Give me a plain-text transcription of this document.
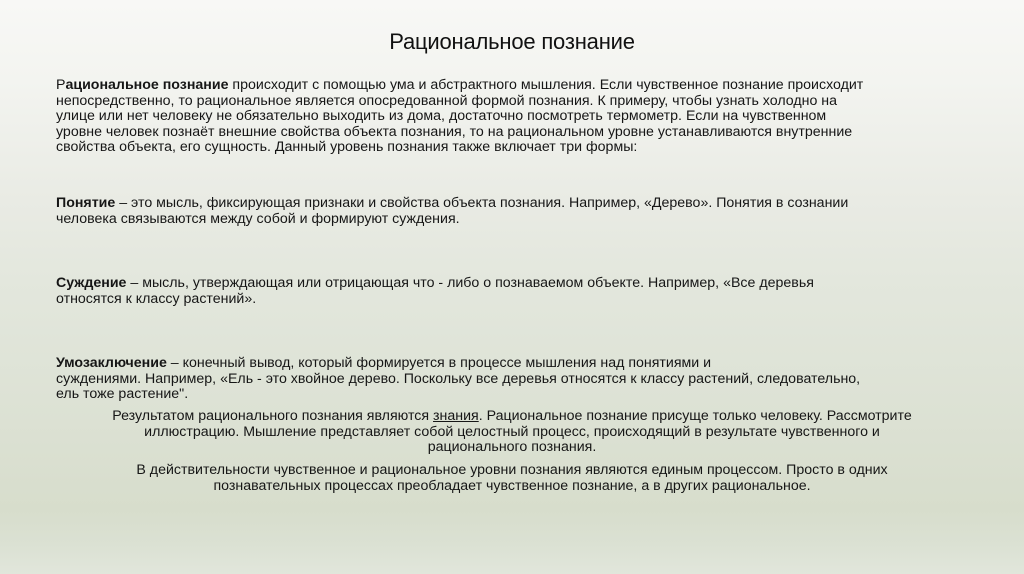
Рациональное познание
Рациональное познание происходит с помощью ума и абстрактного мышления. Если чувственное познание происходит
непосредственно, то рациональное является опосредованной формой познания. К примеру, чтобы узнать холодно на
улице или нет человеку не обязательно выходить из дома, достаточно посмотреть термометр. Если на чувственном
уровне человек познаёт внешние свойства объекта познания, то на рациональном уровне устанавливаются внутренние
свойства объекта, его сущность. Данный уровень познания также включает три формы:
Понятие – это мысль, фиксирующая признаки и свойства объекта познания. Например, «Дерево». Понятия в сознании
человека связываются между собой и формируют суждения.
Суждение – мысль, утверждающая или отрицающая что - либо о познаваемом объекте. Например, «Все деревья
относятся к классу растений».
Умозаключение – конечный вывод, который формируется в процессе мышления над понятиями и
суждениями. Например, «Ель - это хвойное дерево. Поскольку все деревья относятся к классу растений, следовательно,
ель тоже растение".
Результатом рационального познания являются знания. Рациональное познание присуще только человеку. Рассмотрите
иллюстрацию. Мышление представляет собой целостный процесс, происходящий в результате чувственного и
рационального познания.
В действительности чувственное и рациональное уровни познания являются единым процессом. Просто в одних
познавательных процессах преобладает чувственное познание, а в других рациональное.
